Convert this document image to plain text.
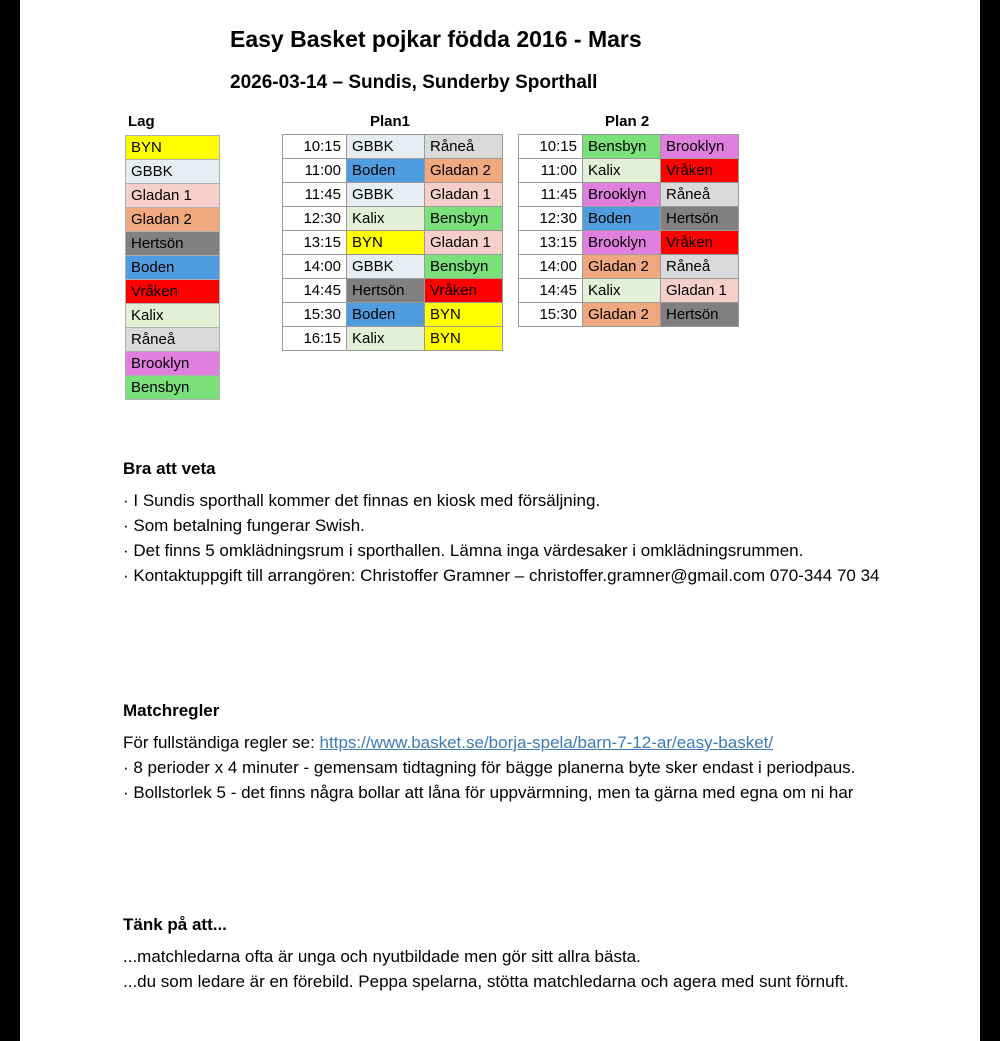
Easy Basket pojkar födda 2016 - Mars
2026-03-14 – Sundis, Sunderby Sporthall
Lag
BYN
GBBK
Gladan 1
Gladan 2
Hertsön
Boden
Vråken
Kalix
Råneå
Brooklyn
Bensbyn
Plan1
10:15	GBBK	Råneå
11:00	Boden	Gladan 2
11:45	GBBK	Gladan 1
12:30	Kalix	Bensbyn
13:15	BYN	Gladan 1
14:00	GBBK	Bensbyn
14:45	Hertsön	Vråken
15:30	Boden	BYN
16:15	Kalix	BYN
Plan 2
10:15	Bensbyn	Brooklyn
11:00	Kalix	Vråken
11:45	Brooklyn	Råneå
12:30	Boden	Hertsön
13:15	Brooklyn	Vråken
14:00	Gladan 2	Råneå
14:45	Kalix	Gladan 1
15:30	Gladan 2	Hertsön
Bra att veta
· I Sundis sporthall kommer det finnas en kiosk med försäljning.
· Som betalning fungerar Swish.
· Det finns 5 omklädningsrum i sporthallen. Lämna inga värdesaker i omklädningsrummen.
· Kontaktuppgift till arrangören: Christoffer Gramner – christoffer.gramner@gmail.com 070-344 70 34
Matchregler
För fullständiga regler se: https://www.basket.se/borja-spela/barn-7-12-ar/easy-basket/
· 8 perioder x 4 minuter - gemensam tidtagning för bägge planerna byte sker endast i periodpaus.
· Bollstorlek 5 - det finns några bollar att låna för uppvärmning, men ta gärna med egna om ni har
Tänk på att...
...matchledarna ofta är unga och nyutbildade men gör sitt allra bästa.
...du som ledare är en förebild. Peppa spelarna, stötta matchledarna och agera med sunt förnuft.
